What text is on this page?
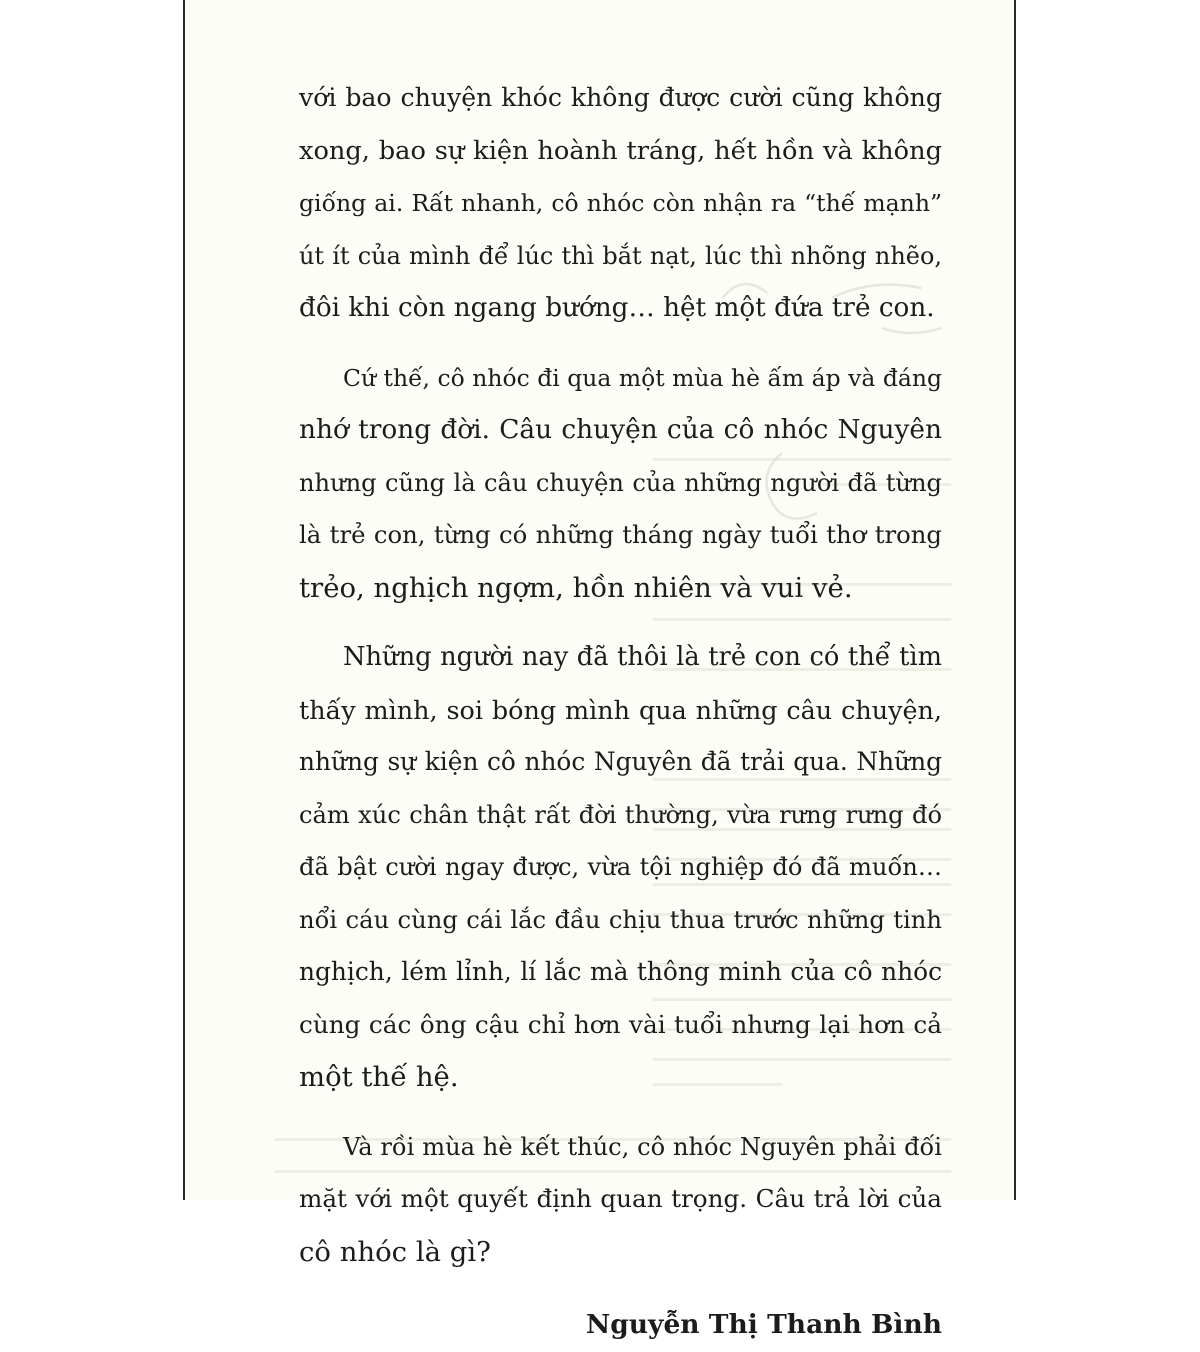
với bao chuyện khóc không được cười cũng không
xong, bao sự kiện hoành tráng, hết hồn và không
giống ai. Rất nhanh, cô nhóc còn nhận ra “thế mạnh”
út ít của mình để lúc thì bắt nạt, lúc thì nhõng nhẽo,
đôi khi còn ngang bướng… hệt một đứa trẻ con.
Cứ thế, cô nhóc đi qua một mùa hè ấm áp và đáng
nhớ trong đời. Câu chuyện của cô nhóc Nguyên
nhưng cũng là câu chuyện của những người đã từng
là trẻ con, từng có những tháng ngày tuổi thơ trong
trẻo, nghịch ngợm, hồn nhiên và vui vẻ.
Những người nay đã thôi là trẻ con có thể tìm
thấy mình, soi bóng mình qua những câu chuyện,
những sự kiện cô nhóc Nguyên đã trải qua. Những
cảm xúc chân thật rất đời thường, vừa rưng rưng đó
đã bật cười ngay được, vừa tội nghiệp đó đã muốn…
nổi cáu cùng cái lắc đầu chịu thua trước những tinh
nghịch, lém lỉnh, lí lắc mà thông minh của cô nhóc
cùng các ông cậu chỉ hơn vài tuổi nhưng lại hơn cả
một thế hệ.
Và rồi mùa hè kết thúc, cô nhóc Nguyên phải đối
mặt với một quyết định quan trọng. Câu trả lời của
cô nhóc là gì?

Nguyễn Thị Thanh Bình
